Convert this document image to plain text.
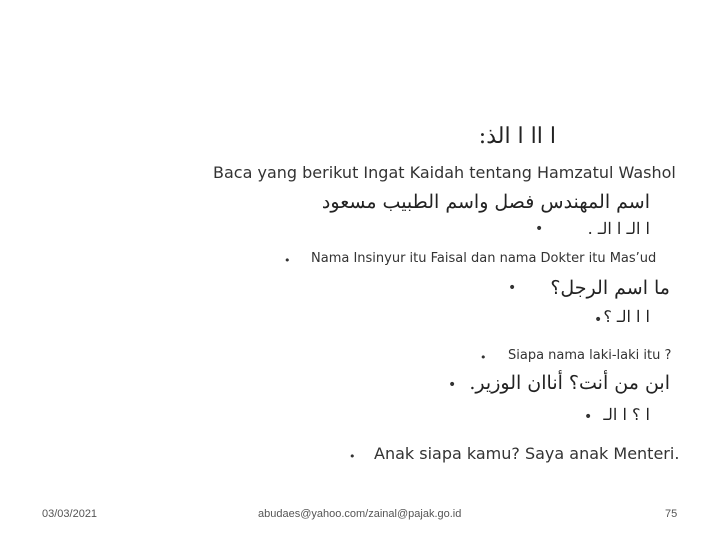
ا اا ا الذ:
Baca yang berikut Ingat Kaidah tentang Hamzatul Washol
اسم المهندس فصل واسم الطبيب مسعود
ا الـ ا الـ .
•
• Nama Insinyur itu Faisal dan nama Dokter itu Mas’ud
ما اسم الرجل؟
•
ا ا الـ ؟
•
• Siapa nama laki-laki itu ?
ابن من أنت؟ أناان الوزير.
•
ا ؟ ا الـ
•
• Anak siapa kamu? Saya anak Menteri.
03/03/2021	abudaes@yahoo.com/zainal@pajak.go.id	75
